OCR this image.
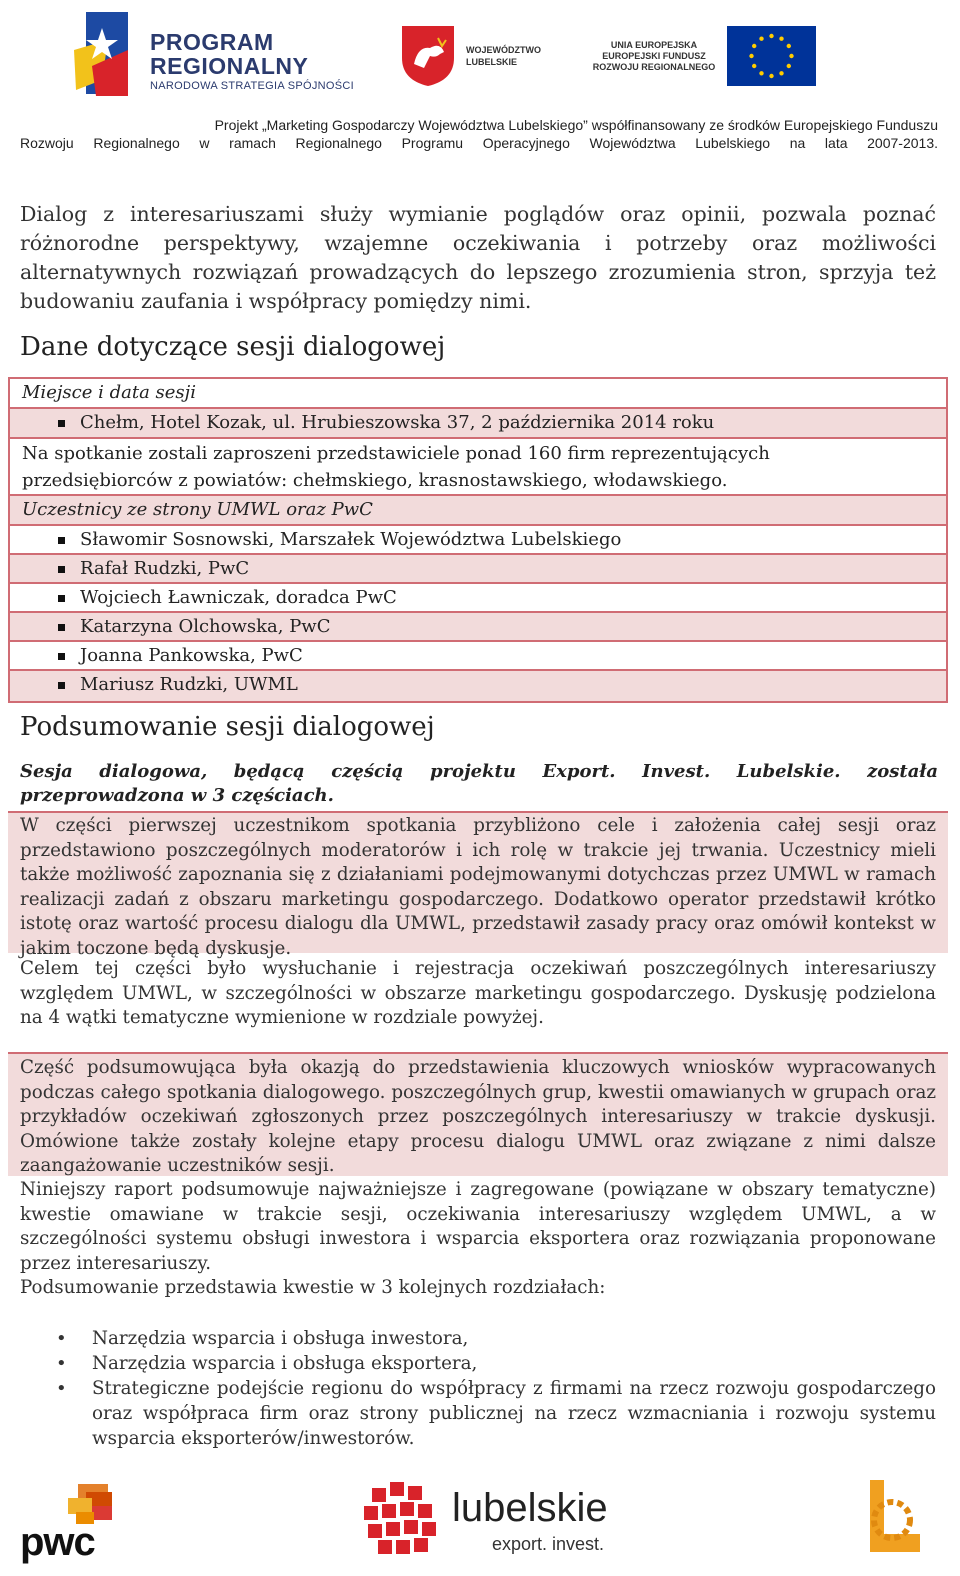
PROGRAM
REGIONALNY
NARODOWA STRATEGIA SPÓJNOŚCI
WOJEWÓDZTWO
LUBELSKIE
UNIA EUROPEJSKA
EUROPEJSKI FUNDUSZ
ROZWOJU REGIONALNEGO
Projekt „Marketing Gospodarczy Województwa Lubelskiego” współfinansowany ze środków Europejskiego Funduszu
Rozwoju Regionalnego w ramach Regionalnego Programu Operacyjnego Województwa Lubelskiego na lata 2007-2013.
Dialog z interesariuszami służy wymianie poglądów oraz opinii, pozwala poznać różnorodne perspektywy, wzajemne oczekiwania i potrzeby oraz możliwości alternatywnych rozwiązań prowadzących do lepszego zrozumienia stron, sprzyja też budowaniu zaufania i współpracy pomiędzy nimi.
Dane dotyczące sesji dialogowej
Miejsce i data sesji
Chełm, Hotel Kozak, ul. Hrubieszowska 37, 2 października 2014 roku
Na spotkanie zostali zaproszeni przedstawiciele ponad 160 firm reprezentujących przedsiębiorców z powiatów: chełmskiego, krasnostawskiego, włodawskiego.
Uczestnicy ze strony UMWL oraz PwC
Sławomir Sosnowski, Marszałek Województwa Lubelskiego
Rafał Rudzki, PwC
Wojciech Ławniczak, doradca PwC
Katarzyna Olchowska, PwC
Joanna Pankowska, PwC
Mariusz Rudzki, UWML
Podsumowanie sesji dialogowej
Sesja dialogowa, będącą częścią projektu Export. Invest. Lubelskie. została przeprowadzona w 3 częściach.
W części pierwszej uczestnikom spotkania przybliżono cele i założenia całej sesji oraz przedstawiono poszczególnych moderatorów i ich rolę w trakcie jej trwania. Uczestnicy mieli także możliwość zapoznania się z działaniami podejmowanymi dotychczas przez UMWL w ramach realizacji zadań z obszaru marketingu gospodarczego. Dodatkowo operator przedstawił krótko istotę oraz wartość procesu dialogu dla UMWL, przedstawił zasady pracy oraz omówił kontekst w jakim toczone będą dyskusje.
Celem tej części było wysłuchanie i rejestracja oczekiwań poszczególnych interesariuszy względem UMWL, w szczególności w obszarze marketingu gospodarczego. Dyskusję podzielona na 4 wątki tematyczne wymienione w rozdziale powyżej.
Część podsumowująca była okazją do przedstawienia kluczowych wniosków wypracowanych podczas całego spotkania dialogowego. poszczególnych grup, kwestii omawianych w grupach oraz przykładów oczekiwań zgłoszonych przez poszczególnych interesariuszy w trakcie dyskusji. Omówione także zostały kolejne etapy procesu dialogu UMWL oraz związane z nimi dalsze zaangażowanie uczestników sesji.
Niniejszy raport podsumowuje najważniejsze i zagregowane (powiązane w obszary tematyczne) kwestie omawiane w trakcie sesji, oczekiwania interesariuszy względem UMWL, a w szczególności systemu obsługi inwestora i wsparcia eksportera oraz rozwiązania proponowane przez interesariuszy.
Podsumowanie przedstawia kwestie w 3 kolejnych rozdziałach:
• Narzędzia wsparcia i obsługa inwestora,
• Narzędzia wsparcia i obsługa eksportera,
• Strategiczne podejście regionu do współpracy z firmami na rzecz rozwoju gospodarczego oraz współpraca firm oraz strony publicznej na rzecz wzmacniania i rozwoju systemu wsparcia eksporterów/inwestorów.
pwc
lubelskie
export. invest.
